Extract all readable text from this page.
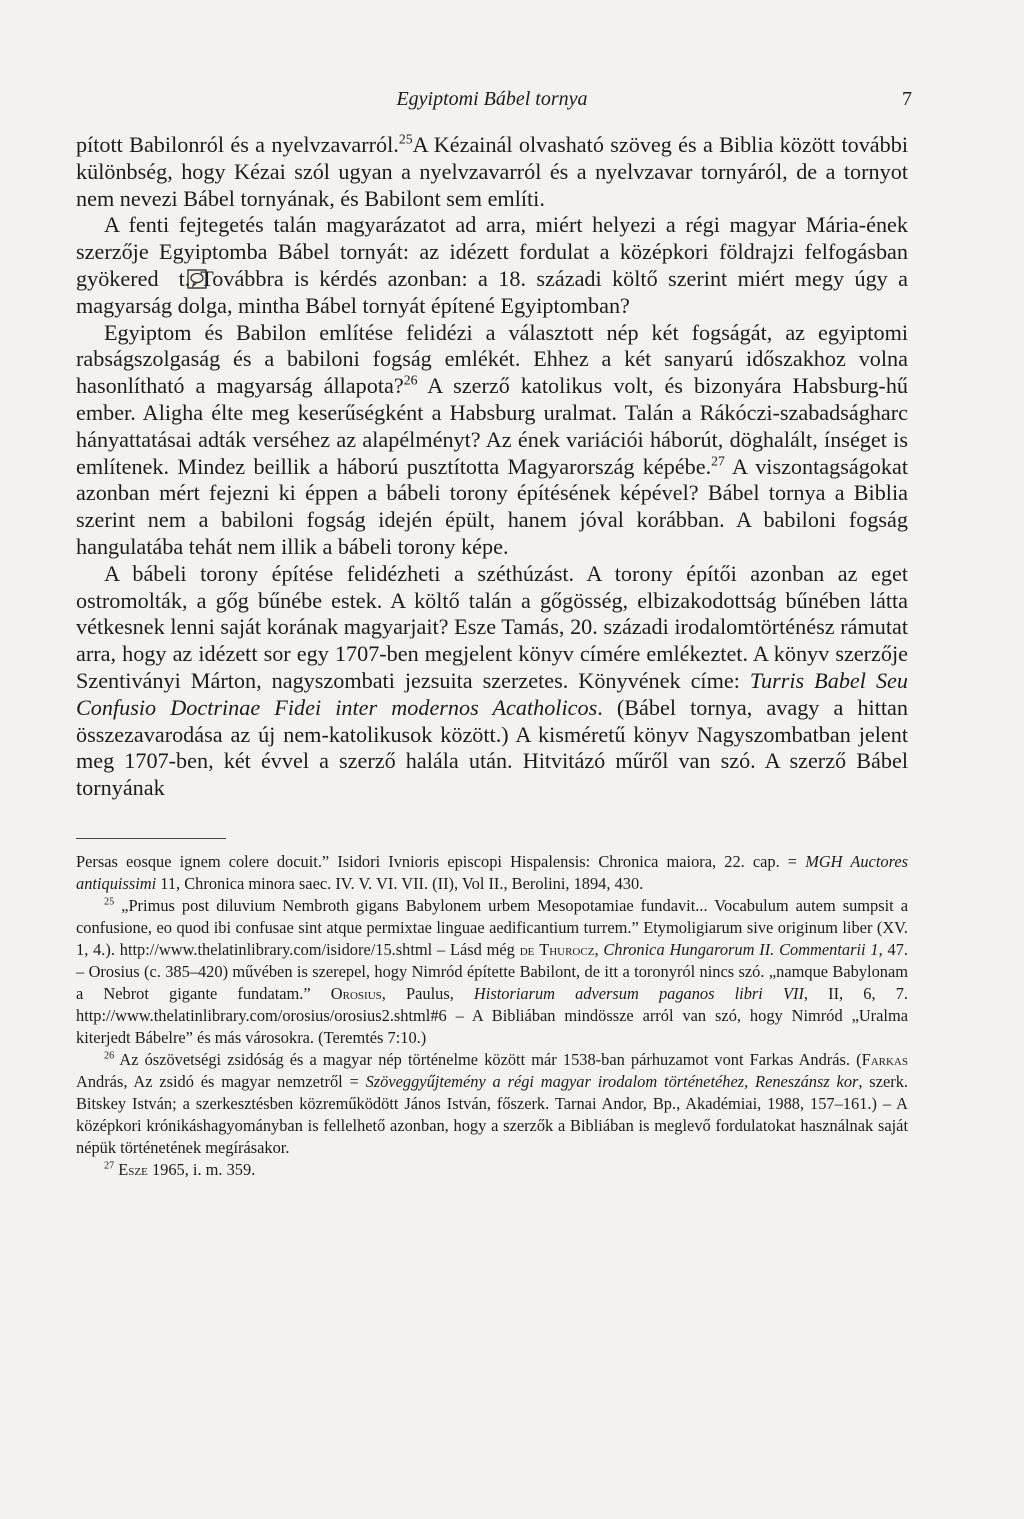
Egyiptomi Bábel tornya	7

pított Babilonról és a nyelvzavarról.$^{25}$A Kézainál olvasható szöveg és a Biblia között további különbség, hogy Kézai szól ugyan a nyelvzavarról és a nyelvzavar tornyáról, de a tornyot nem nevezi Bábel tornyának, és Babilont sem említi.

A fenti fejtegetés talán magyarázatot ad arra, miért helyezi a régi magyar Mária-ének szerzője Egyiptomba Bábel tornyát: az idézett fordulat a középkori földrajzi felfogásban gyökered t. Továbbra is kérdés azonban: a 18. századi költő szerint miért megy úgy a magyarság dolga, mintha Bábel tornyát építené Egyiptomban?

Egyiptom és Babilon említése felidézi a választott nép két fogságát, az egyiptomi rabságszolgaság és a babiloni fogság emlékét. Ehhez a két sanyarú időszakhoz volna hasonlítható a magyarság állapota?$^{26}$ A szerző katolikus volt, és bizonyára Habsburg-hű ember. Aligha élte meg keserűségként a Habsburg uralmat. Talán a Rákóczi-szabadságharc hányattatásai adták verséhez az alapélményt? Az ének variációi háborút, döghalált, ínséget is említenek. Mindez beillik a háború pusztította Magyarország képébe.$^{27}$ A viszontagságokat azonban mért fejezni ki éppen a bábeli torony építésének képével? Bábel tornya a Biblia szerint nem a babiloni fogság idején épült, hanem jóval korábban. A babiloni fogság hangulatába tehát nem illik a bábeli torony képe.

A bábeli torony építése felidézheti a széthúzást. A torony építői azonban az eget ostromolták, a gőg bűnébe estek. A költő talán a gőgösség, elbizakodottság bűnében látta vétkesnek lenni saját korának magyarjait? Esze Tamás, 20. századi irodalomtörténész rámutat arra, hogy az idézett sor egy 1707-ben megjelent könyv címére emlékeztet. A könyv szerzője Szentiványi Márton, nagyszombati jezsuita szerzetes. Könyvének címe: Turris Babel Seu Confusio Doctrinae Fidei inter modernos Acatholicos. (Bábel tornya, avagy a hittan összezavarodása az új nem-katolikusok között.) A kisméretű könyv Nagyszombatban jelent meg 1707-ben, két évvel a szerző halála után. Hitvitázó műről van szó. A szerző Bábel tornyának

Persas eosque ignem colere docuit.” Isidori Ivnioris episcopi Hispalensis: Chronica maiora, 22. cap. = MGH Auctores antiquissimi 11, Chronica minora saec. IV. V. VI. VII. (II), Vol II., Berolini, 1894, 430.

$^{25}$ „Primus post diluvium Nembroth gigans Babylonem urbem Mesopotamiae fundavit... Vocabulum autem sumpsit a confusione, eo quod ibi confusae sint atque permixtae linguae aedificantium turrem.” Etymoligiarum sive originum liber (XV. 1, 4.). http://www.thelatinlibrary.com/isidore/15.shtml – Lásd még de Thurocz, Chronica Hungarorum II. Commentarii 1, 47. – Orosius (c. 385–420) művében is szerepel, hogy Nimród építette Babilont, de itt a toronyról nincs szó. „namque Babylonam a Nebrot gigante fundatam.” Orosius, Paulus, Historiarum adversum paganos libri VII, II, 6, 7. http://www.thelatinlibrary.com/orosius/orosius2.shtml#6 – A Bibliában mindössze arról van szó, hogy Nimród „Uralma kiterjedt Bábelre” és más városokra. (Teremtés 7:10.)

$^{26}$ Az ószövetségi zsidóság és a magyar nép történelme között már 1538-ban párhuzamot vont Farkas András. (Farkas András, Az zsidó és magyar nemzetről = Szöveggyűjtemény a régi magyar irodalom történetéhez, Reneszánsz kor, szerk. Bitskey István; a szerkesztésben közreműködött János István, főszerk. Tarnai Andor, Bp., Akadémiai, 1988, 157–161.) – A középkori krónikáshagyományban is fellelhető azonban, hogy a szerzők a Bibliában is meglevő fordulatokat használnak saját népük történetének megírásakor.

$^{27}$ Esze 1965, i. m. 359.
